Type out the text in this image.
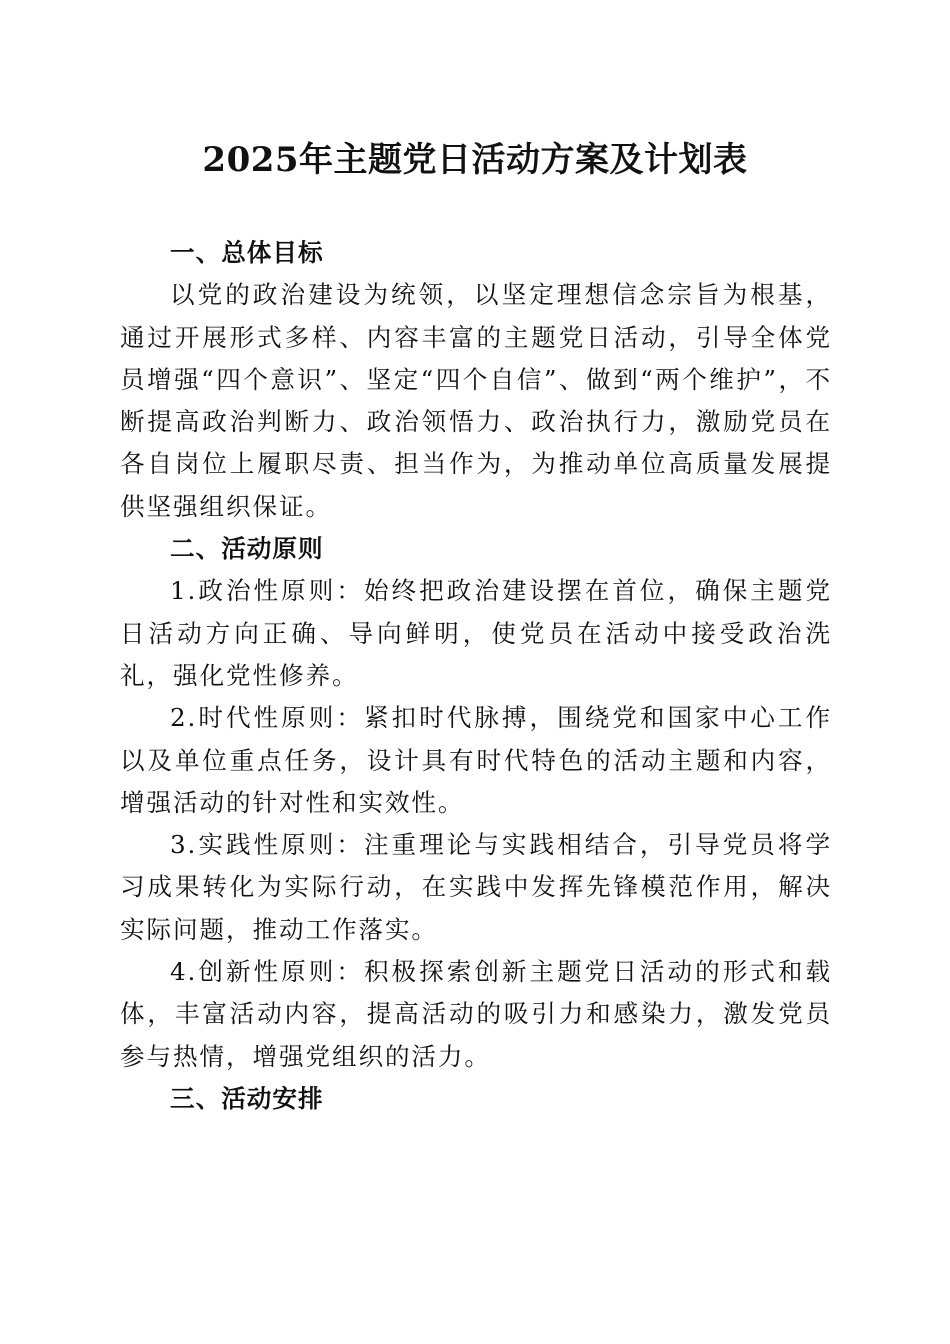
2025年主题党日活动方案及计划表
一、总体目标

以党的政治建设为统领，以坚定理想信念宗旨为根基，通过开展形式多样、内容丰富的主题党日活动，引导全体党员增强“四个意识”、坚定“四个自信”、做到“两个维护”，不断提高政治判断力、政治领悟力、政治执行力，激励党员在各自岗位上履职尽责、担当作为，为推动单位高质量发展提供坚强组织保证。

二、活动原则

1.政治性原则：始终把政治建设摆在首位，确保主题党日活动方向正确、导向鲜明，使党员在活动中接受政治洗礼，强化党性修养。

2.时代性原则：紧扣时代脉搏，围绕党和国家中心工作以及单位重点任务，设计具有时代特色的活动主题和内容，增强活动的针对性和实效性。

3.实践性原则：注重理论与实践相结合，引导党员将学习成果转化为实际行动，在实践中发挥先锋模范作用，解决实际问题，推动工作落实。

4.创新性原则：积极探索创新主题党日活动的形式和载体，丰富活动内容，提高活动的吸引力和感染力，激发党员参与热情，增强党组织的活力。

三、活动安排
